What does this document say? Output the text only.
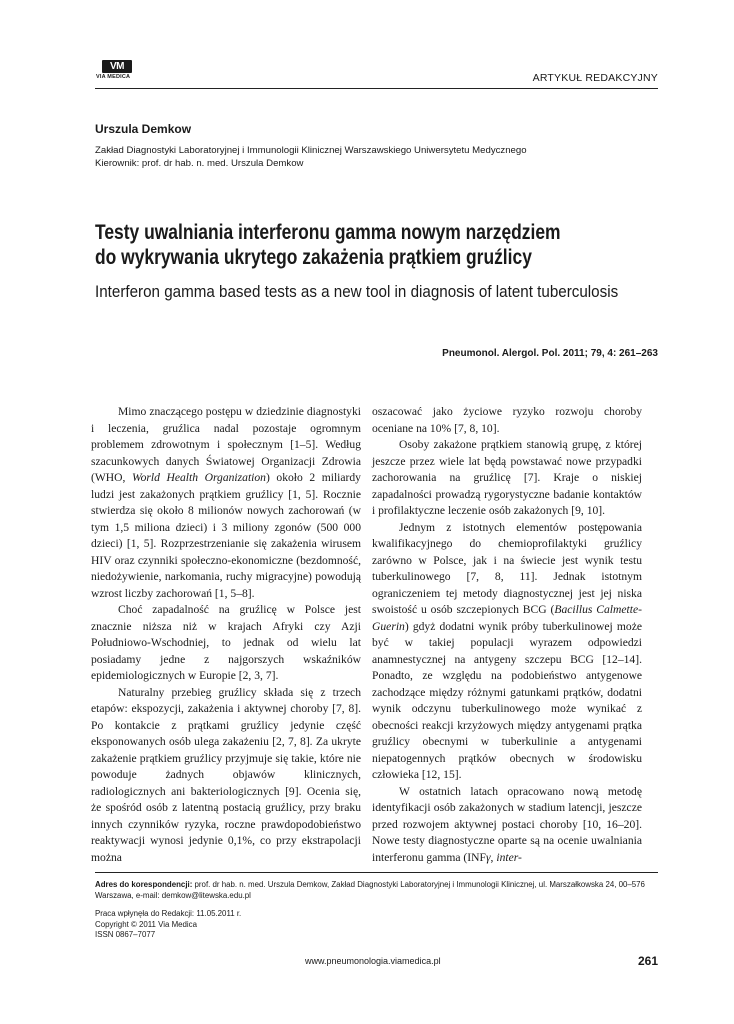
VM
VIA MEDICA	ARTYKUŁ REDAKCYJNY
Urszula Demkow
Zakład Diagnostyki Laboratoryjnej i Immunologii Klinicznej Warszawskiego Uniwersytetu Medycznego
Kierownik: prof. dr hab. n. med. Urszula Demkow
Testy uwalniania interferonu gamma nowym narzędziem
do wykrywania ukrytego zakażenia prątkiem gruźlicy
Interferon gamma based tests as a new tool in diagnosis of latent tuberculosis
Pneumonol. Alergol. Pol. 2011; 79, 4: 261–263

Mimo znaczącego postępu w dziedzinie diagnostyki i leczenia, gruźlica nadal pozostaje ogromnym problemem zdrowotnym i społecznym [1–5]. Według szacunkowych danych Światowej Organizacji Zdrowia (WHO, World Health Organization) około 2 miliardy ludzi jest zakażonych prątkiem gruźlicy [1, 5]. Rocznie stwierdza się około 8 milionów nowych zachorowań (w tym 1,5 miliona dzieci) i 3 miliony zgonów (500 000 dzieci) [1, 5]. Rozprzestrzenianie się zakażenia wirusem HIV oraz czynniki społeczno-ekonomiczne (bezdomność, niedożywienie, narkomania, ruchy migracyjne) powodują wzrost liczby zachorowań [1, 5–8].

Choć zapadalność na gruźlicę w Polsce jest znacznie niższa niż w krajach Afryki czy Azji Południowo-Wschodniej, to jednak od wielu lat posiadamy jedne z najgorszych wskaźników epidemiologicznych w Europie [2, 3, 7].

Naturalny przebieg gruźlicy składa się z trzech etapów: ekspozycji, zakażenia i aktywnej choroby [7, 8]. Po kontakcie z prątkami gruźlicy jedynie część eksponowanych osób ulega zakażeniu [2, 7, 8]. Za ukryte zakażenie prątkiem gruźlicy przyjmuje się takie, które nie powoduje żadnych objawów klinicznych, radiologicznych ani bakteriologicznych [9]. Ocenia się, że spośród osób z latentną postacią gruźlicy, przy braku innych czynników ryzyka, roczne prawdopodobieństwo reaktywacji wynosi jedynie 0,1%, co przy ekstrapolacji można

oszacować jako życiowe ryzyko rozwoju choroby oceniane na 10% [7, 8, 10].

Osoby zakażone prątkiem stanowią grupę, z której jeszcze przez wiele lat będą powstawać nowe przypadki zachorowania na gruźlicę [7]. Kraje o niskiej zapadalności prowadzą rygorystyczne badanie kontaktów i profilaktyczne leczenie osób zakażonych [9, 10].

Jednym z istotnych elementów postępowania kwalifikacyjnego do chemioprofilaktyki gruźlicy zarówno w Polsce, jak i na świecie jest wynik testu tuberkulinowego [7, 8, 11]. Jednak istotnym ograniczeniem tej metody diagnostycznej jest jej niska swoistość u osób szczepionych BCG (Bacillus Calmette-Guerin) gdyż dodatni wynik próby tuberkulinowej może być w takiej populacji wyrazem odpowiedzi anamnestycznej na antygeny szczepu BCG [12–14]. Ponadto, ze względu na podobieństwo antygenowe zachodzące między różnymi gatunkami prątków, dodatni wynik odczynu tuberkulinowego może wynikać z obecności reakcji krzyżowych między antygenami prątka gruźlicy obecnymi w tuberkulinie a antygenami niepatogennych prątków obecnych w środowisku człowieka [12, 15].

W ostatnich latach opracowano nową metodę identyfikacji osób zakażonych w stadium latencji, jeszcze przed rozwojem aktywnej postaci choroby [10, 16–20]. Nowe testy diagnostyczne oparte są na ocenie uwalniania interferonu gamma (INFγ, inter-

Adres do korespondencji: prof. dr hab. n. med. Urszula Demkow, Zakład Diagnostyki Laboratoryjnej i Immunologii Klinicznej, ul. Marszałkowska 24, 00–576 Warszawa, e-mail: demkow@litewska.edu.pl
Praca wpłynęła do Redakcji: 11.05.2011 r.
Copyright © 2011 Via Medica
ISSN 0867–7077
www.pneumonologia.viamedica.pl	261
